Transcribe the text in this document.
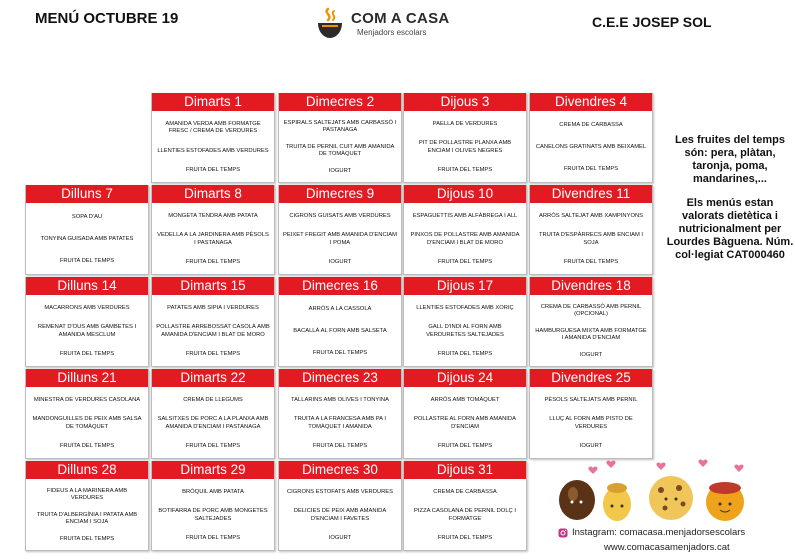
MENÚ OCTUBRE 19	COM A CASA
Menjadors escolars
C.E.E JOSEP SOL
Dimarts 1
AMANIDA VERDA AMB FORMATGE FRESC / CREMA DE VERDURES
LLENTIES ESTOFADES AMB VERDURES
FRUITA DEL TEMPS
Dimecres 2
ESPIRALS SALTEJATS AMB CARBASSÓ I PASTANAGA
TRUITA DE PERNIL CUIT AMB AMANIDA DE TOMÀQUET
IOGURT
Dijous 3
PAELLA DE VERDURES
PIT DE POLLASTRE PLANXA AMB ENCIAM I OLIVES NEGRES
FRUITA DEL TEMPS
Divendres 4
CREMA DE CARBASSA
CANELONS GRATINATS AMB BEIXAMEL
FRUITA DEL TEMPS
Dilluns 7
SOPA D'AU
TONYINA GUISADA AMB PATATES
FRUITA DEL TEMPS
Dimarts 8
MONGETA TENDRA AMB PATATA
VEDELLA A LA JARDINERA AMB PÈSOLS I PASTANAGA
FRUITA DEL TEMPS
Dimecres 9
CIGRONS GUISATS AMB VERDURES
PEIXET FREGIT AMB AMANIDA D'ENCIAM I POMA
IOGURT
Dijous 10
ESPAGUETTIS AMB ALFÀBREGA I ALL
PINXOS DE POLLASTRE AMB AMANIDA D'ENCIAM I BLAT DE MORO
FRUITA DEL TEMPS
Divendres 11
ARRÒS SALTEJAT AMB XAMPINYONS
TRUITA D'ESPÀRRECS AMB ENCIAM I SOJA
FRUITA DEL TEMPS
Dilluns 14
MACARRONS AMB VERDURES
REMENAT D'OUS AMB GAMBETES I AMANIDA MESCLUM
FRUITA DEL TEMPS
Dimarts 15
PATATES AMB SIPIA I VERDURES
POLLASTRE ARREBOSSAT CASOLÀ AMB AMANIDA D'ENCIAM I BLAT DE MORO
FRUITA DEL TEMPS
Dimecres 16
ARRÒS A LA CASSOLA
BACALLÀ AL FORN AMB SALSETA
FRUITA DEL TEMPS
Dijous 17
LLENTIES ESTOFADES AMB XORIÇ
GALL D'INDI AL FORN AMB VERDURETES SALTEJADES
FRUITA DEL TEMPS
Divendres 18
CREMA DE CARBASSÓ AMB PERNIL (OPCIONAL)
HAMBURGUESA MIXTA AMB FORMATGE I AMANIDA D'ENCIAM
IOGURT
Dilluns 21
MINESTRA DE VERDURES CASOLANA
MANDONGUILLES DE PEIX AMB SALSA DE TOMÀQUET
FRUITA DEL TEMPS
Dimarts 22
CREMA DE LLEGUMS
SALSITXES DE PORC A LA PLANXA AMB AMANIDA D'ENCIAM I PASTANAGA
FRUITA DEL TEMPS
Dimecres 23
TALLARINS AMB OLIVES I TONYINA
TRUITA A LA FRANCESA AMB PA I TOMÀQUET I AMANIDA
FRUITA DEL TEMPS
Dijous 24
ARRÒS AMB TOMÀQUET
POLLASTRE AL FORN AMB AMANIDA D'ENCIAM
FRUITA DEL TEMPS
Divendres 25
PÈSOLS SALTEJATS AMB PERNIL
LLUÇ AL FORN AMB PISTO DE VERDURES
IOGURT
Dilluns 28
FIDEUS A LA MARINERA AMB VERDURES
TRUITA D'ALBERGÍNIA I PATATA AMB ENCIAM I SOJA
FRUITA DEL TEMPS
Dimarts 29
BRÒQUIL AMB PATATA
BOTIFARRA DE PORC AMB MONGETES SALTEJADES
FRUITA DEL TEMPS
Dimecres 30
CIGRONS ESTOFATS AMB VERDURES
DELICIES DE PEIX AMB AMANIDA D'ENCIAM I FAVETES
IOGURT
Dijous 31
CREMA DE CARBASSA
PIZZA CASOLANA DE PERNIL DOLÇ I FORMATGE
FRUITA DEL TEMPS

Les fruites del temps són: pera, plàtan, taronja, poma, mandarines,...

Els menús estan valorats dietètica i nutricionalment per Lourdes Bàguena. Núm. col·legiat CAT000460

Instagram: comacasa.menjadorsescolars
www.comacasamenjadors.cat
